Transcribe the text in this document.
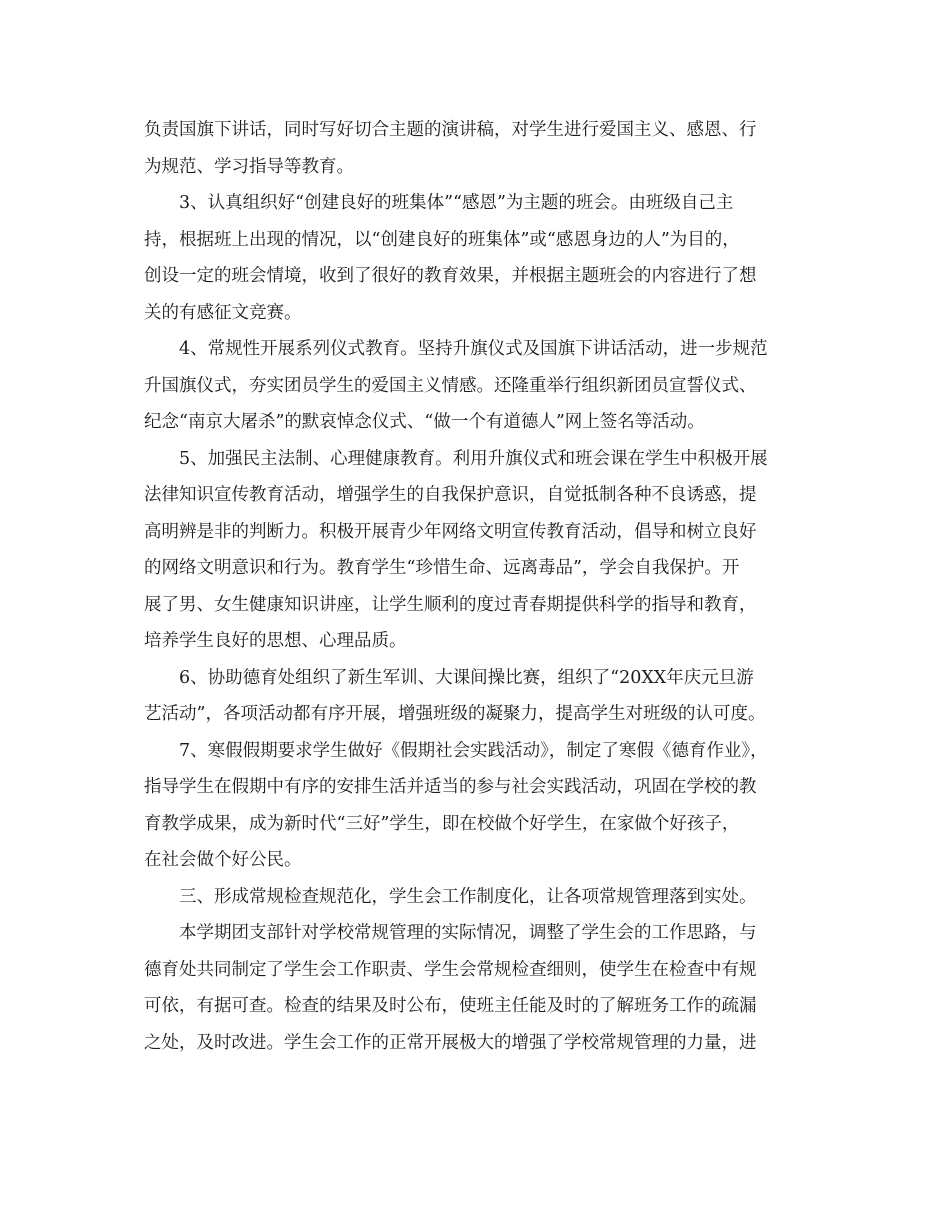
负责国旗下讲话，同时写好切合主题的演讲稿，对学生进行爱国主义、感恩、行
为规范、学习指导等教育。
3、认真组织好“创建良好的班集体”“感恩”为主题的班会。由班级自己主
持，根据班上出现的情况，以“创建良好的班集体”或“感恩身边的人”为目的，
创设一定的班会情境，收到了很好的教育效果，并根据主题班会的内容进行了想
关的有感征文竞赛。
4、常规性开展系列仪式教育。坚持升旗仪式及国旗下讲话活动，进一步规范
升国旗仪式，夯实团员学生的爱国主义情感。还隆重举行组织新团员宣誓仪式、
纪念“南京大屠杀”的默哀悼念仪式、“做一个有道德人”网上签名等活动。
5、加强民主法制、心理健康教育。利用升旗仪式和班会课在学生中积极开展
法律知识宣传教育活动，增强学生的自我保护意识，自觉抵制各种不良诱惑，提
高明辨是非的判断力。积极开展青少年网络文明宣传教育活动，倡导和树立良好
的网络文明意识和行为。教育学生“珍惜生命、远离毒品”，学会自我保护。开
展了男、女生健康知识讲座，让学生顺利的度过青春期提供科学的指导和教育，
培养学生良好的思想、心理品质。
6、协助德育处组织了新生军训、大课间操比赛，组织了“20XX年庆元旦游
艺活动”，各项活动都有序开展，增强班级的凝聚力，提高学生对班级的认可度。
7、寒假假期要求学生做好《假期社会实践活动》，制定了寒假《德育作业》，
指导学生在假期中有序的安排生活并适当的参与社会实践活动，巩固在学校的教
育教学成果，成为新时代“三好”学生，即在校做个好学生，在家做个好孩子，
在社会做个好公民。
三、形成常规检查规范化，学生会工作制度化，让各项常规管理落到实处。
本学期团支部针对学校常规管理的实际情况，调整了学生会的工作思路，与
德育处共同制定了学生会工作职责、学生会常规检查细则，使学生在检查中有规
可依，有据可查。检查的结果及时公布，使班主任能及时的了解班务工作的疏漏
之处，及时改进。学生会工作的正常开展极大的增强了学校常规管理的力量，进
